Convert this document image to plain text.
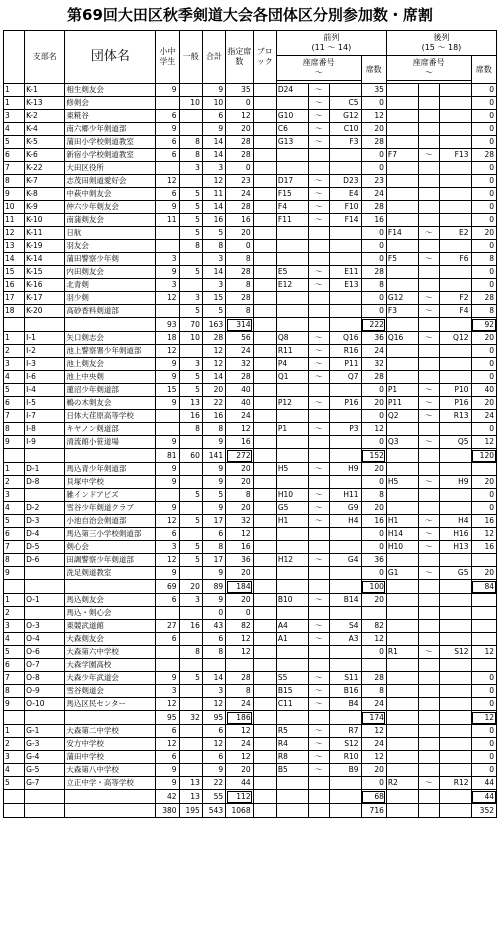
第69回大田区秋季剣道大会各団体区分別参加数・席割
	支部名	団体名	小中学生	一般	合計	指定席数	ブロック	前列
(11 ～ 14)				後列
(15 ～ 18)			
								座席番号
～			席数	座席番号
～			席数

1	K-1	相生剣友会	9		9	35		D24	～		35				0
1	K-13	修剣会		10	10	0			～	C5	0				0
3	K-2	東糀谷	6		6	12		G10	～	G12	12				0
4	K-4	南六郷少年剣道部	9		9	20		C6	～	C10	20				0
5	K-5	蒲田小学校剣道教室	6	8	14	28		G13	～	F3	28				0
6	K-6	新宿小学校剣道教室	6	8	14	28					0	F7	～	F13	28
7	K-22	大田区役所		3	3	0					0				0
8	K-7	志茂田剣道愛好会	12		12	23		D17	～	D23	23				0
9	K-8	中萩中剣友会	6	5	11	24		F15	～	E4	24				0
10	K-9	仲六少年剣友会	9	5	14	28		F4	～	F10	28				0
11	K-10	南蒲剣友会	11	5	16	16		F11	～	F14	16				0
12	K-11	日航		5	5	20					0	F14	～	E2	20
13	K-19	羽友会		8	8	0					0				0
14	K-14	蒲田警察少年剣	3		3	8					0	F5	～	F6	8
15	K-15	内田剣友会	9	5	14	28		E5	～	E11	28				0
16	K-16	北青剣	3		3	8		E12	～	E13	8				0
17	K-17	羽少剣	12	3	15	28					0	G12	～	F2	28
18	K-20	高砂香料剣道部		5	5	8					0	F3	～	F4	8
			93	70	163	314					222				92
1	I-1	矢口剣志会	18	10	28	56		Q8	～	Q16	36	Q16	～	Q12	20
2	I-2	池上警察署少年剣道部	12		12	24		R11	～	R16	24				0
3	I-3	池上剣友会	9	3	12	32		P4	～	P11	32				0
4	I-6	池上中央剣	9	5	14	28		Q1	～	Q7	28				0
5	I-4	蓮沼少年剣道部	15	5	20	40					0	P1	～	P10	40
6	I-5	鵜の木剣友会	9	13	22	40		P12	～	P16	20	P11	～	P16	20
7	I-7	日体大荏原高等学校		16	16	24					0	Q2	～	R13	24
8	I-8	キヤノン剣道部		8	8	12		P1	～	P3	12				0
9	I-9	清流館小笹道場	9		9	16					0	Q3	～	Q5	12
			81	60	141	272					152				120
1	D-1	馬込青少年剣道部	9		9	20		H5	～	H9	20				
2	D-8	貝塚中学校	9		9	20					0	H5	～	H9	20
3		雑インドアビズ		5	5	8		H10	～	H11	8				0
4	D-2	雪谷少年剣道クラブ	9		9	20		G5	～	G9	20				0
5	D-3	小池自治会剣道部	12	5	17	32		H1	～	H4	16	H1	～	H4	16
6	D-4	馬込第三小学校剣道部	6		6	12					0	H14	～	H16	12
7	D-5	剣心会	3	5	8	16					0	H10	～	H13	16
8	D-6	田調警察少年剣道部	12	5	17	36		H12	～	G4	36				
9		洗足剣道教室	9		9	20					0	G1	～	G5	20
			69	20	89	184					100				84
1	O-1	馬込剣友会	6	3	9	20		B10	～	B14	20				
2		馬込・剣心会			0	0									
3	O-3	東競武道館	27	16	43	82		A4	～	S4	82				
4	O-4	大森剣友会	6		6	12		A1	～	A3	12				
5	O-6	大森第六中学校		8	8	12					0	R1	～	S12	12
6	O-7	大森学園高校													
7	O-8	大森少年武道会	9	5	14	28		S5	～	S11	28				0
8	O-9	雪谷剣道会	3		3	8		B15	～	B16	8				0
9	O-10	馬込区民センター	12		12	24		C11	～	B4	24				0
			95	32	95	186					174				12
1	G-1	大森第二中学校	6		6	12		R5	～	R7	12				0
2	G-3	安方中学校	12		12	24		R4	～	S12	24				0
3	G-4	蒲田中学校	6		6	12		R8	～	R10	12				0
4	G-5	大森第八中学校	9		9	20		B5	～	B9	20				0
5	G-7	立正中学・高等学校	9	13	22	44					0	R2	～	R12	44
			42	13	55	112					68				44
			380	195	543	1068					716				352
